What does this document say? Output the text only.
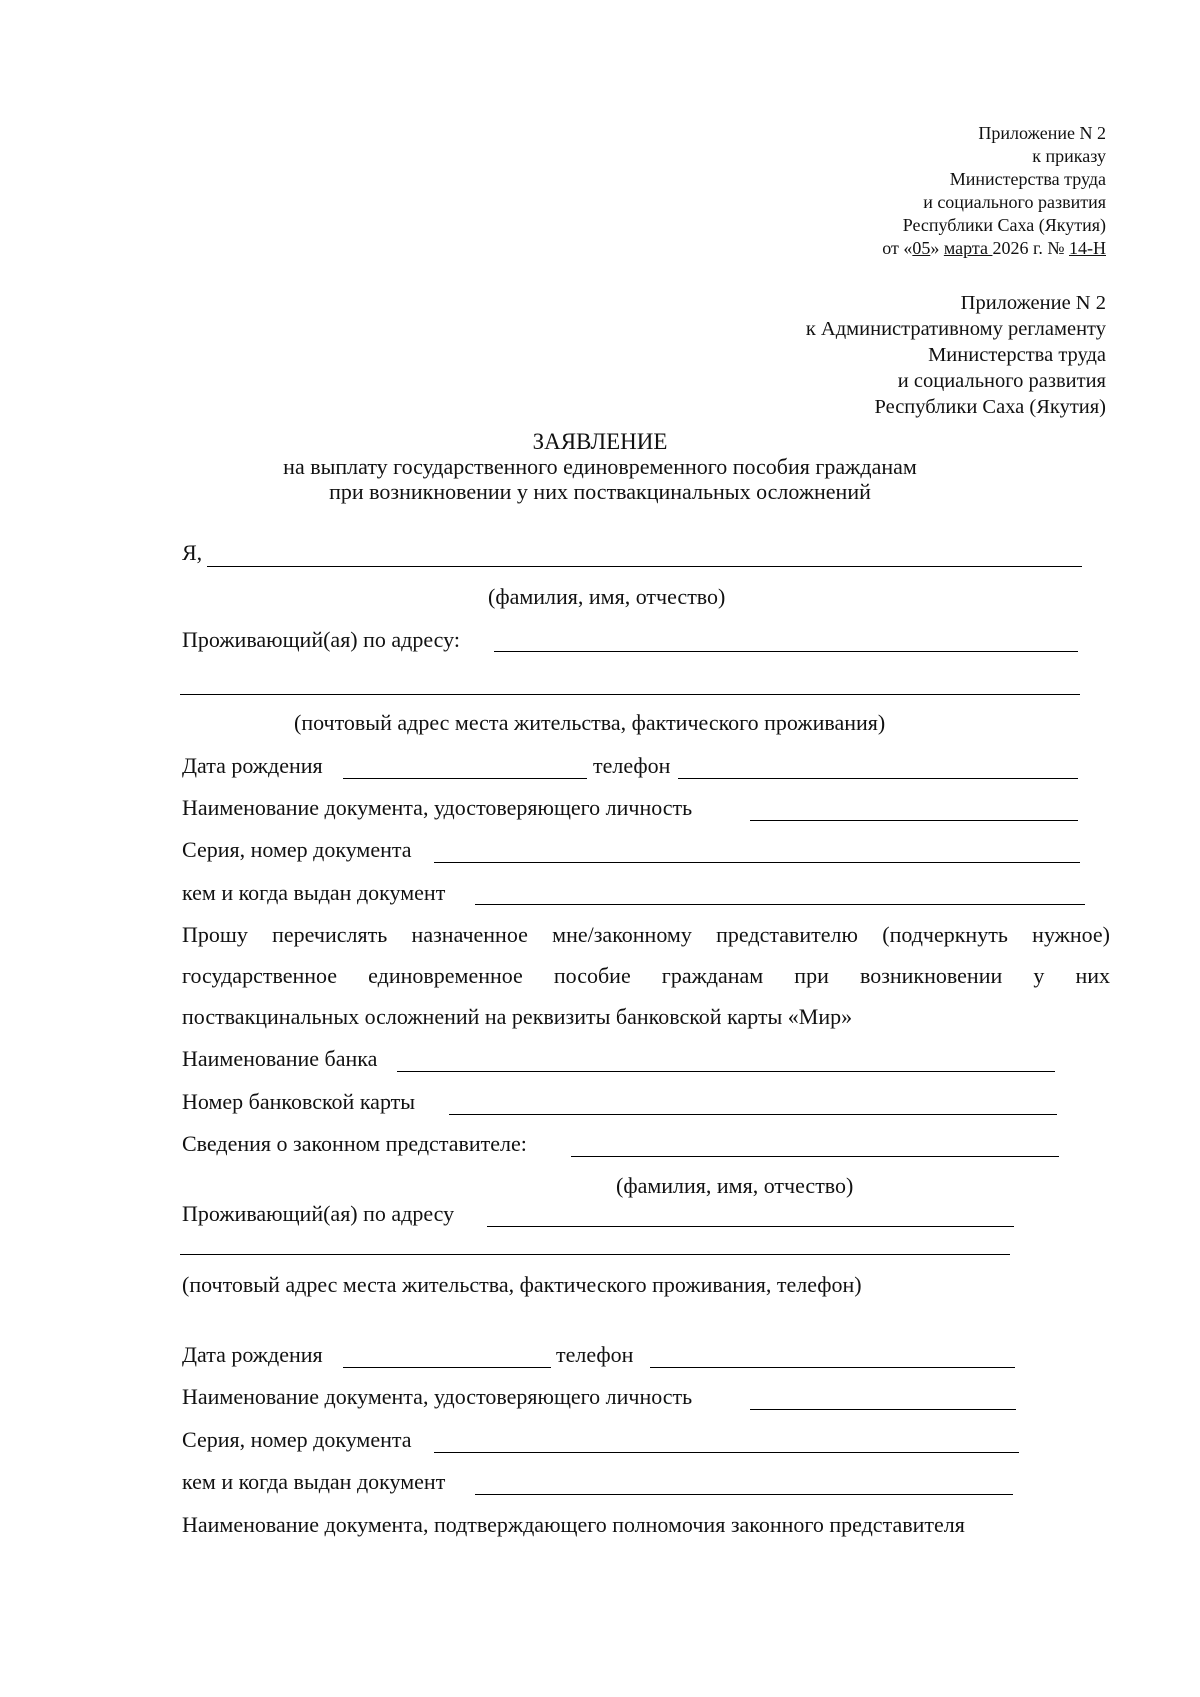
Приложение N 2
к приказу
Министерства труда
и социального развития
Республики Саха (Якутия)
от «05» марта 2026 г. № 14-Н
Приложение N 2
к Административному регламенту
Министерства труда
и социального развития
Республики Саха (Якутия)
ЗАЯВЛЕНИЕ
на выплату государственного единовременного пособия гражданам
при возникновении у них поствакцинальных осложнений
Я,
(фамилия, имя, отчество)
Проживающий(ая) по адресу:
(почтовый адрес места жительства, фактического проживания)
Дата рождения	телефон
Наименование документа, удостоверяющего личность
Серия, номер документа
кем и когда выдан документ
Прошу перечислять назначенное мне/законному представителю (подчеркнуть нужное)
государственное единовременное пособие гражданам при возникновении у них
поствакцинальных осложнений на реквизиты банковской карты «Мир»
Наименование банка
Номер банковской карты
Сведения о законном представителе:
(фамилия, имя, отчество)
Проживающий(ая) по адресу
(почтовый адрес места жительства, фактического проживания, телефон)
Дата рождения	телефон
Наименование документа, удостоверяющего личность
Серия, номер документа
кем и когда выдан документ
Наименование документа, подтверждающего полномочия законного представителя
